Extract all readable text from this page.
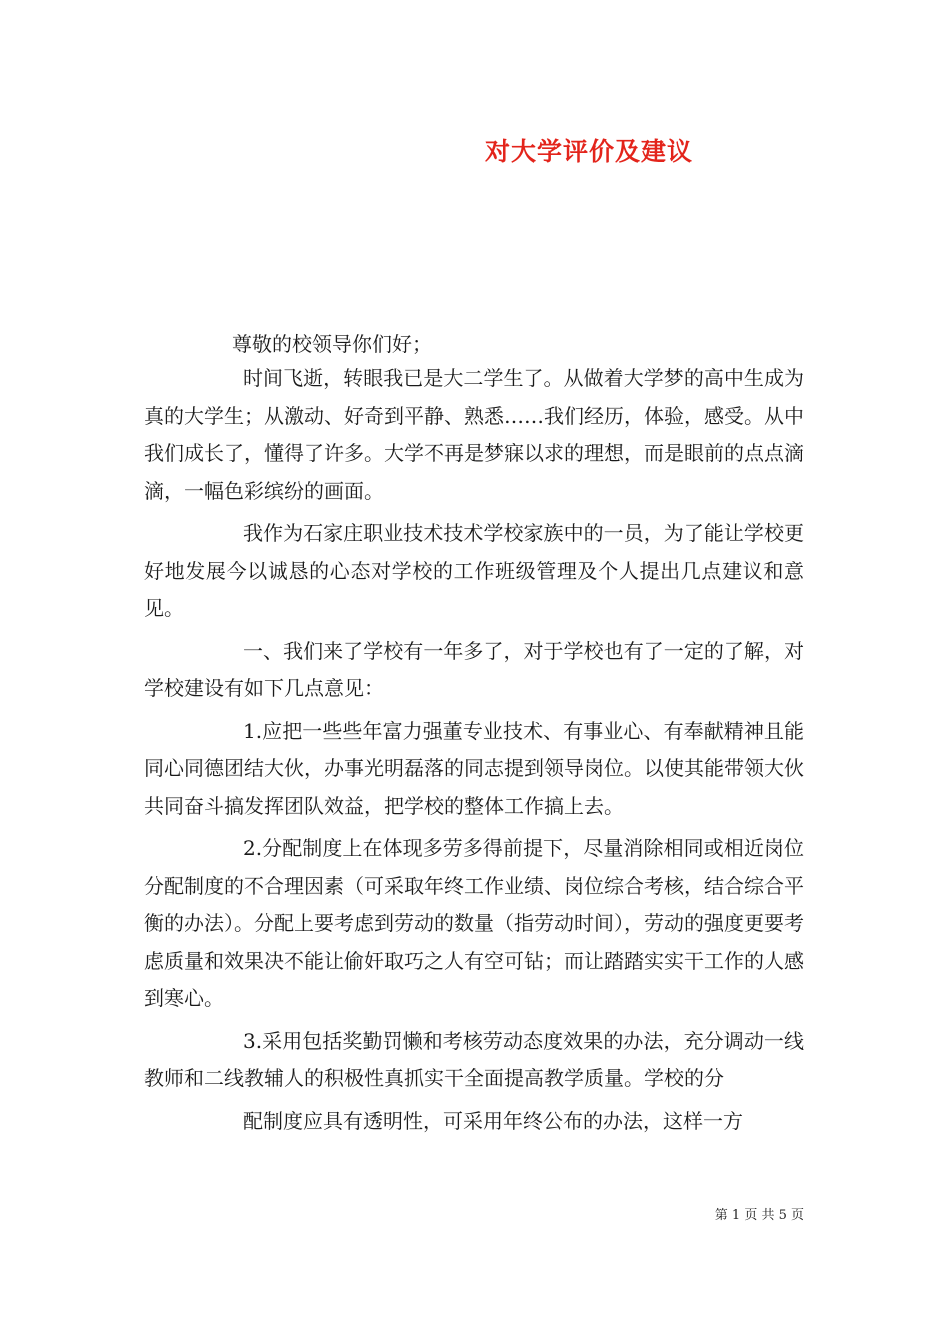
对大学评价及建议
尊敬的校领导你们好；

时间飞逝，转眼我已是大二学生了。从做着大学梦的高中生成为真的大学生；从激动、好奇到平静、熟悉……我们经历，体验，感受。从中我们成长了，懂得了许多。大学不再是梦寐以求的理想，而是眼前的点点滴滴，一幅色彩缤纷的画面。

我作为石家庄职业技术技术学校家族中的一员，为了能让学校更好地发展今以诚恳的心态对学校的工作班级管理及个人提出几点建议和意见。

一、我们来了学校有一年多了，对于学校也有了一定的了解，对学校建设有如下几点意见：

1.应把一些些年富力强董专业技术、有事业心、有奉献精神且能同心同德团结大伙，办事光明磊落的同志提到领导岗位。以使其能带领大伙共同奋斗搞发挥团队效益，把学校的整体工作搞上去。

2.分配制度上在体现多劳多得前提下，尽量消除相同或相近岗位分配制度的不合理因素（可采取年终工作业绩、岗位综合考核，结合综合平衡的办法）。分配上要考虑到劳动的数量（指劳动时间），劳动的强度更要考虑质量和效果决不能让偷奸取巧之人有空可钻；而让踏踏实实干工作的人感到寒心。

3.采用包括奖勤罚懒和考核劳动态度效果的办法，充分调动一线教师和二线教辅人的积极性真抓实干全面提高教学质量。学校的分

配制度应具有透明性，可采用年终公布的办法，这样一方

第 1 页 共 5 页
